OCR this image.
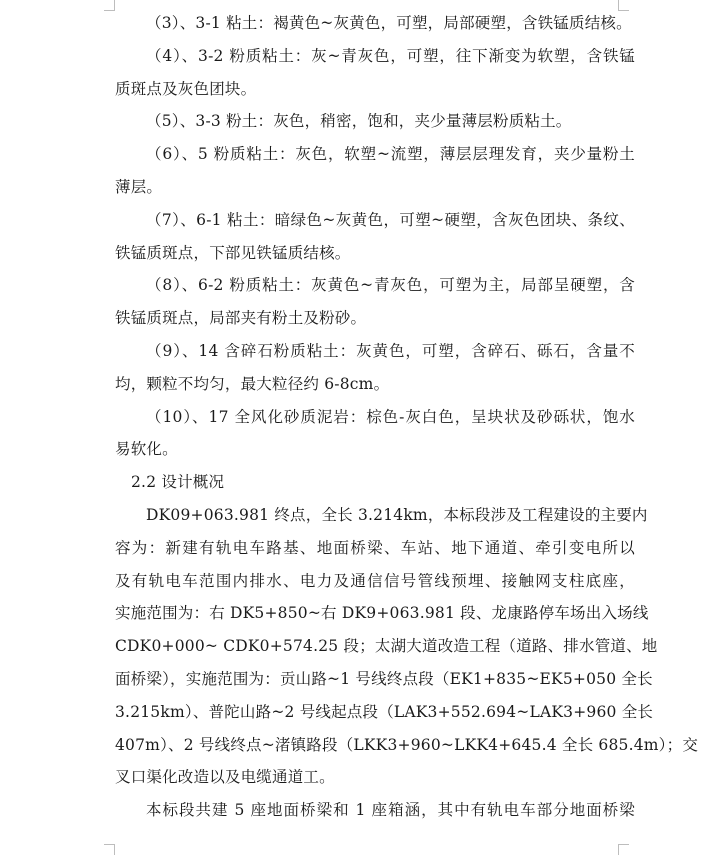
（3）、3-1 粘土：褐黄色~灰黄色，可塑，局部硬塑，含铁锰质结核。
（4）、3-2 粉质粘土：灰~青灰色，可塑，往下渐变为软塑，含铁锰
质斑点及灰色团块。
（5）、3-3 粉土：灰色，稍密，饱和，夹少量薄层粉质粘土。
（6）、5 粉质粘土：灰色，软塑~流塑，薄层层理发育，夹少量粉土
薄层。
（7）、6-1 粘土：暗绿色~灰黄色，可塑~硬塑，含灰色团块、条纹、
铁锰质斑点，下部见铁锰质结核。
（8）、6-2 粉质粘土：灰黄色~青灰色，可塑为主，局部呈硬塑，含
铁锰质斑点，局部夹有粉土及粉砂。
（9）、14 含碎石粉质粘土：灰黄色，可塑，含碎石、砾石，含量不
均，颗粒不均匀，最大粒径约 6-8cm。
（10）、17 全风化砂质泥岩：棕色-灰白色，呈块状及砂砾状，饱水
易软化。
2.2 设计概况
DK09+063.981 终点，全长 3.214km，本标段涉及工程建设的主要内
容为：新建有轨电车路基、地面桥梁、车站、地下通道、牵引变电所以
及有轨电车范围内排水、电力及通信信号管线预埋、接触网支柱底座，
实施范围为：右 DK5+850~右 DK9+063.981 段、龙康路停车场出入场线
CDK0+000~ CDK0+574.25 段；太湖大道改造工程（道路、排水管道、地
面桥梁），实施范围为：贡山路~1 号线终点段（EK1+835~EK5+050 全长
3.215km）、普陀山路~2 号线起点段（LAK3+552.694~LAK3+960 全长
407m）、2 号线终点~渚镇路段（LKK3+960~LKK4+645.4 全长 685.4m）；交
叉口渠化改造以及电缆通道工。
本标段共建 5 座地面桥梁和 1 座箱涵，其中有轨电车部分地面桥梁
